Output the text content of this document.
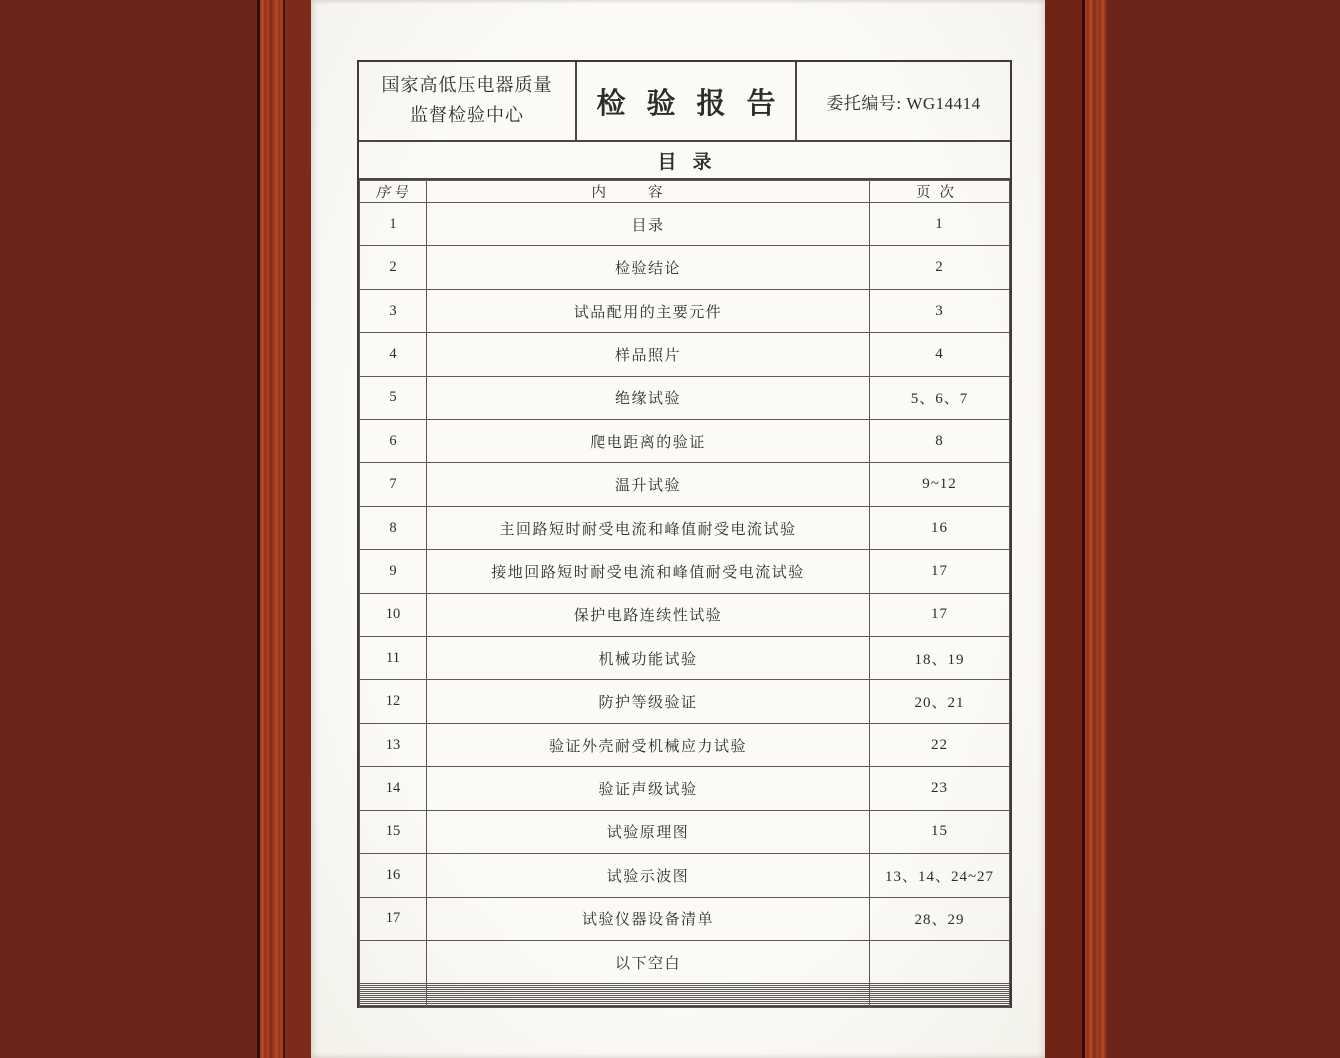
国家高低压电器质量
监督检验中心	检验报告	委托编号: WG14414
目录
序号	内容	页次
1	目录	1
2	检验结论	2
3	试品配用的主要元件	3
4	样品照片	4
5	绝缘试验	5、6、7
6	爬电距离的验证	8
7	温升试验	9~12
8	主回路短时耐受电流和峰值耐受电流试验	16
9	接地回路短时耐受电流和峰值耐受电流试验	17
10	保护电路连续性试验	17
11	机械功能试验	18、19
12	防护等级验证	20、21
13	验证外壳耐受机械应力试验	22
14	验证声级试验	23
15	试验原理图	15
16	试验示波图	13、14、24~27
17	试验仪器设备清单	28、29
	以下空白	
